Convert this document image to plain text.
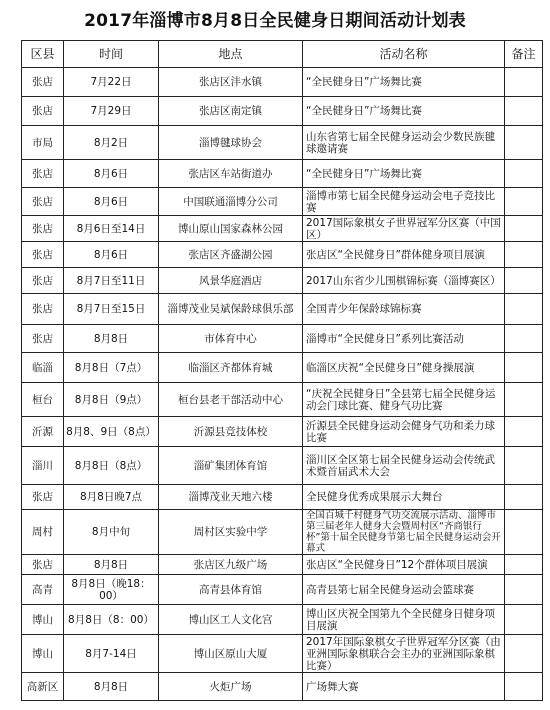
2017年淄博市8月8日全民健身日期间活动计划表
区县	时间	地点	活动名称	备注
张店	7月22日	张店区沣水镇	“全民健身日”广场舞比赛	
张店	7月29日	张店区南定镇	“全民健身日”广场舞比赛	
市局	8月2日	淄博毽球协会	山东省第七届全民健身运动会少数民族毽球邀请赛	
张店	8月6日	张店区车站街道办	“全民健身日”广场舞比赛	
张店	8月6日	中国联通淄博分公司	淄博市第七届全民健身运动会电子竞技比赛	
张店	8月6日至14日	博山原山国家森林公园	2017国际象棋女子世界冠军分区赛（中国区）	
张店	8月6日	张店区齐盛湖公园	张店区“全民健身日”群体健身项目展演	
张店	8月7日至11日	风景华庭酒店	2017山东省少儿围棋锦标赛（淄博赛区）	
张店	8月7日至15日	淄博茂业吴斌保龄球俱乐部	全国青少年保龄球锦标赛	
张店	8月8日	市体育中心	淄博市“全民健身日”系列比赛活动	
临淄	8月8日（7点）	临淄区齐都体育城	临淄区庆祝“全民健身日”健身操展演	
桓台	8月8日（9点）	桓台县老干部活动中心	“庆祝全民健身日”全县第七届全民健身运动会门球比赛、健身气功比赛	
沂源	8月8、9日（8点）	沂源县竞技体校	沂源县全民健身运动会健身气功和柔力球比赛	
淄川	8月8日（8点）	淄矿集团体育馆	淄川区全区第七届全民健身运动会传统武术暨首届武术大会	
张店	8月8日晚7点	淄博茂业天地六楼	全民健身优秀成果展示大舞台	
周村	8月中旬	周村区实验中学	全国百城千村健身气功交流展示活动、淄博市第三届老年人健身大会暨周村区“齐商银行杯”第十届全民健身节第七届全民健身运动会开幕式	
张店	8月8日	张店区九级广场	张店区“全民健身日”12个群体项目展演	
高青	8月8日（晚18：00）	高青县体育馆	高青县第七届全民健身运动会篮球赛	
博山	8月8日（8：00）	博山区工人文化宫	博山区庆祝全国第九个全民健身日健身项目展演	
博山	8月7-14日	博山区原山大厦	2017年国际象棋女子世界冠军分区赛（由亚洲国际象棋联合会主办的亚洲国际象棋比赛）	
高新区	8月8日	火炬广场	广场舞大赛	
